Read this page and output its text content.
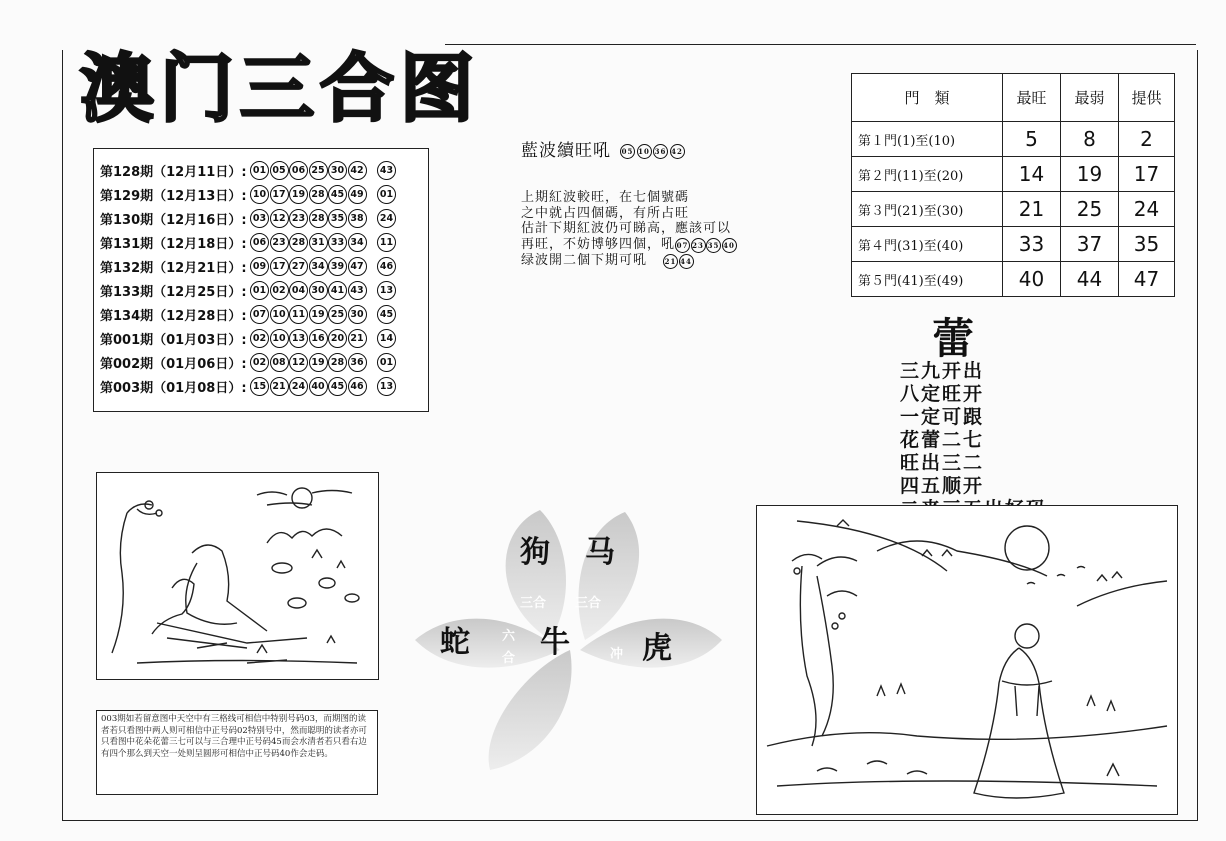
澳门三合图
第128期（12月11日）: 01 05 06 25 30 42	43
第129期（12月13日）: 10 17 19 28 45 49	01
第130期（12月16日）: 03 12 23 28 35 38	24
第131期（12月18日）: 06 23 28 31 33 34	11
第132期（12月21日）: 09 17 27 34 39 47	46
第133期（12月25日）: 01 02 04 30 41 43	13
第134期（12月28日）: 07 10 11 19 25 30	45
第001期（01月03日）: 02 10 13 16 20 21	14
第002期（01月06日）: 02 08 12 19 28 36	01
第003期（01月08日）: 15 21 24 40 45 46	13
藍波續旺吼	05 10 36 42
上期紅波較旺，在七個號碼
之中就占四個碼，有所占旺
估計下期紅波仍可睇高，應該可以
再旺，不妨博够四個，吼 07 23 35 40
绿波開二個下期可吼	21 44
門　類	最旺	最弱	提供
第１門(1)至(10)	5	8	2
第２門(11)至(20)	14	19	17
第３門(21)至(30)	21	25	24
第４門(31)至(40)	33	37	35
第５門(41)至(49)	40	44	47
蕾
三九开出
八定旺开
一定可跟
花蕾二七
旺出三二
四五顺开
003期如若留意图中天空中有三格线可相信中特别号码03，而期图的读者若只看图中两人则可相信中正号码02特别号中，然而聪明的读者亦可只看图中花朵花蕾三七可以与三合理中正号码45而会水清者若只看右边有四个那么到天空一处则呈圆形可相信中正号码40作会走码。
狗 马
蛇 牛 虎
三合 三合
六
合	冲
